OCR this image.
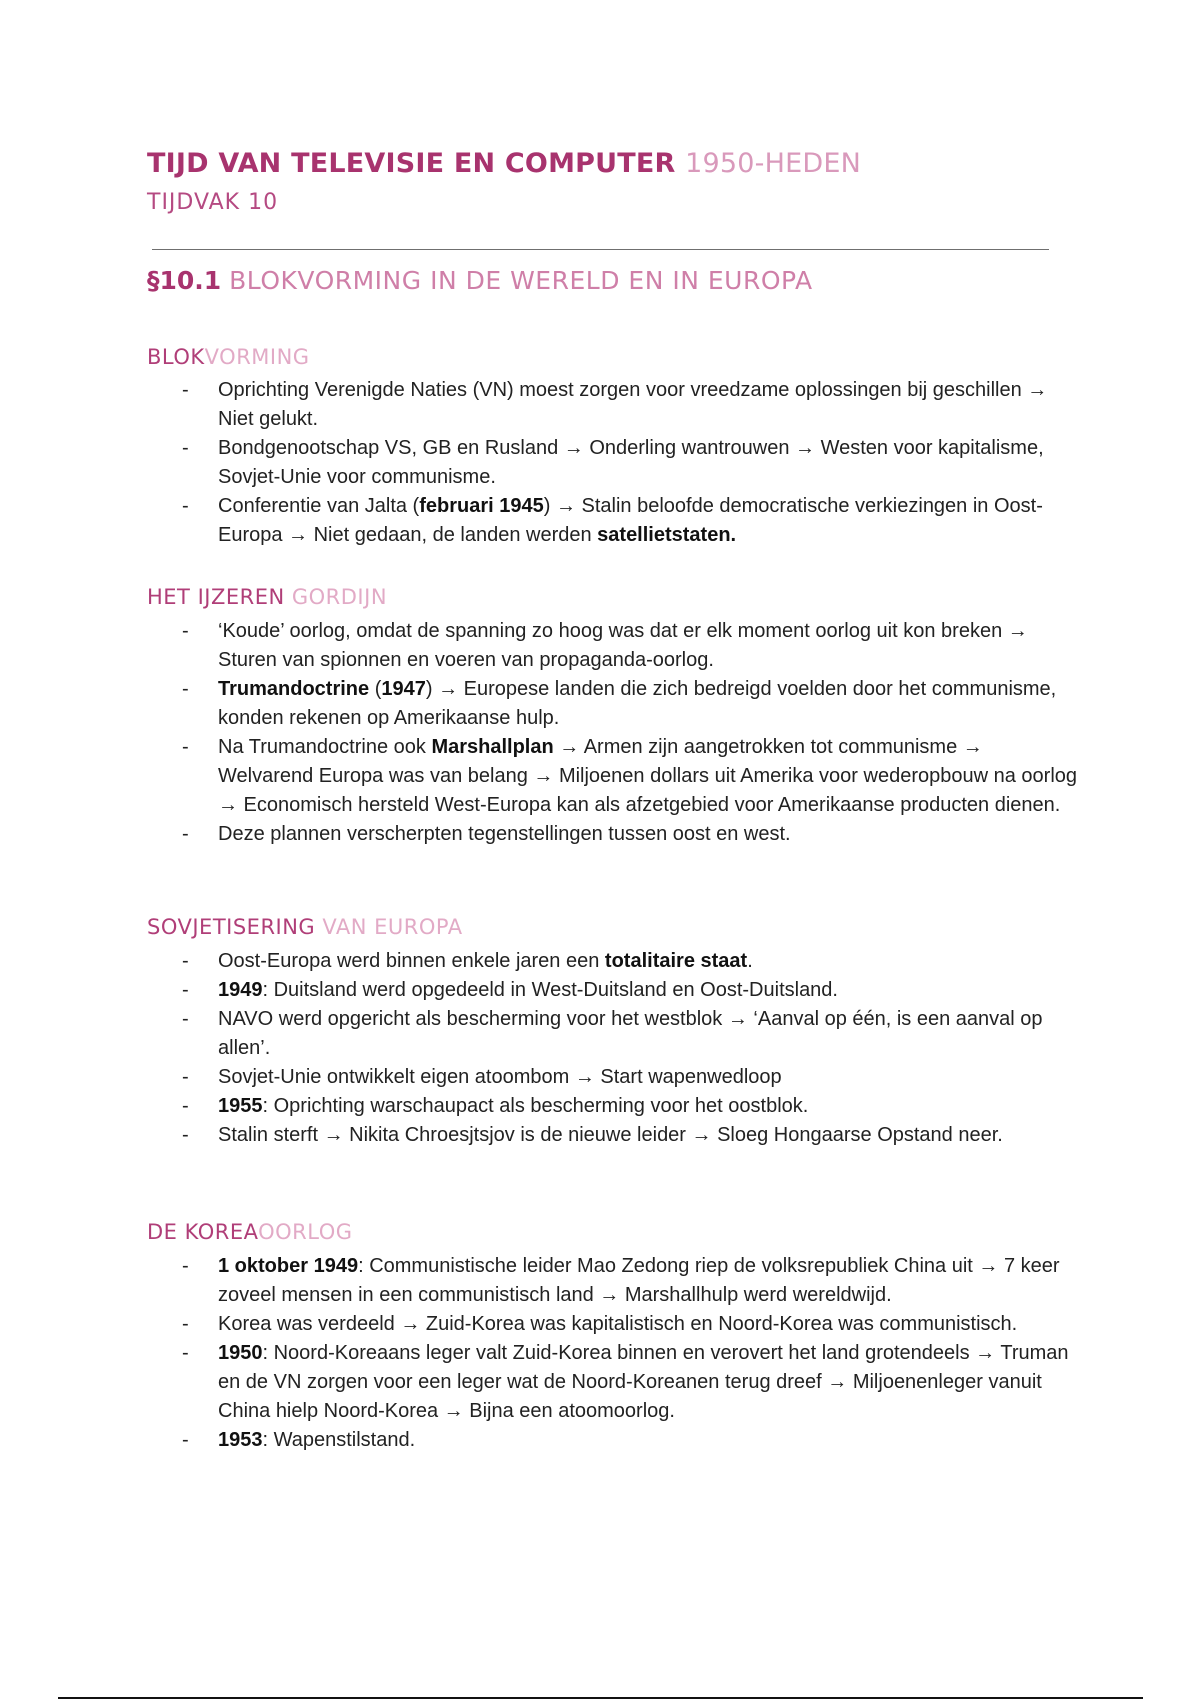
TIJD VAN TELEVISIE EN COMPUTER 1950-HEDEN
TIJDVAK 10
§10.1 BLOKVORMING IN DE WERELD EN IN EUROPA
BLOKVORMING
- Oprichting Verenigde Naties (VN) moest zorgen voor vreedzame oplossingen bij geschillen → Niet gelukt.
- Bondgenootschap VS, GB en Rusland → Onderling wantrouwen → Westen voor kapitalisme, Sovjet-Unie voor communisme.
- Conferentie van Jalta (februari 1945) → Stalin beloofde democratische verkiezingen in Oost-Europa → Niet gedaan, de landen werden satellietstaten.
HET IJZEREN GORDIJN
- ‘Koude’ oorlog, omdat de spanning zo hoog was dat er elk moment oorlog uit kon breken → Sturen van spionnen en voeren van propaganda-oorlog.
- Trumandoctrine (1947) → Europese landen die zich bedreigd voelden door het communisme, konden rekenen op Amerikaanse hulp.
- Na Trumandoctrine ook Marshallplan → Armen zijn aangetrokken tot communisme → Welvarend Europa was van belang → Miljoenen dollars uit Amerika voor wederopbouw na oorlog → Economisch hersteld West-Europa kan als afzetgebied voor Amerikaanse producten dienen.
- Deze plannen verscherpten tegenstellingen tussen oost en west.
SOVJETISERING VAN EUROPA
- Oost-Europa werd binnen enkele jaren een totalitaire staat.
- 1949: Duitsland werd opgedeeld in West-Duitsland en Oost-Duitsland.
- NAVO werd opgericht als bescherming voor het westblok → ‘Aanval op één, is een aanval op allen’.
- Sovjet-Unie ontwikkelt eigen atoombom → Start wapenwedloop
- 1955: Oprichting warschaupact als bescherming voor het oostblok.
- Stalin sterft → Nikita Chroesjtsjov is de nieuwe leider → Sloeg Hongaarse Opstand neer.
DE KOREAOORLOG
- 1 oktober 1949: Communistische leider Mao Zedong riep de volksrepubliek China uit → 7 keer zoveel mensen in een communistisch land → Marshallhulp werd wereldwijd.
- Korea was verdeeld → Zuid-Korea was kapitalistisch en Noord-Korea was communistisch.
- 1950: Noord-Koreaans leger valt Zuid-Korea binnen en verovert het land grotendeels → Truman en de VN zorgen voor een leger wat de Noord-Koreanen terug dreef → Miljoenenleger vanuit China hielp Noord-Korea → Bijna een atoomoorlog.
- 1953: Wapenstilstand.
